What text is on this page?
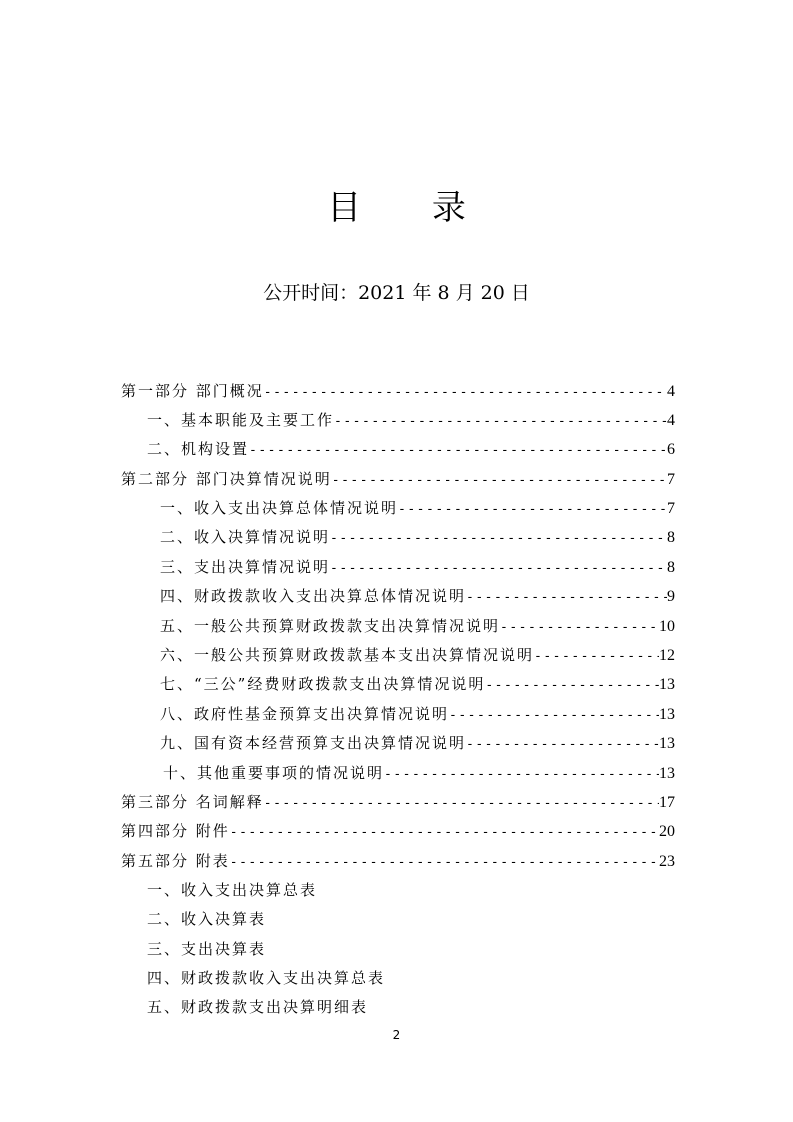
目 录
公开时间：2021 年 8 月 20 日
第一部分 部门概况 -----	4
一、基本职能及主要工作 -----	4
二、机构设置 -----	6
第二部分 部门决算情况说明 -----	7
一、收入支出决算总体情况说明 -----	7
二、收入决算情况说明 -----	8
三、支出决算情况说明 -----	8
四、财政拨款收入支出决算总体情况说明 -----	9
五、一般公共预算财政拨款支出决算情况说明 -----	10
六、一般公共预算财政拨款基本支出决算情况说明 -----	12
七、“三公”经费财政拨款支出决算情况说明 -----	13
八、政府性基金预算支出决算情况说明 -----	13
九、国有资本经营预算支出决算情况说明 -----	13
十、其他重要事项的情况说明 -----	13
第三部分 名词解释 -----	17
第四部分 附件 -----	20
第五部分 附表 -----	23
一、收入支出决算总表
二、收入决算表
三、支出决算表
四、财政拨款收入支出决算总表
五、财政拨款支出决算明细表
2
